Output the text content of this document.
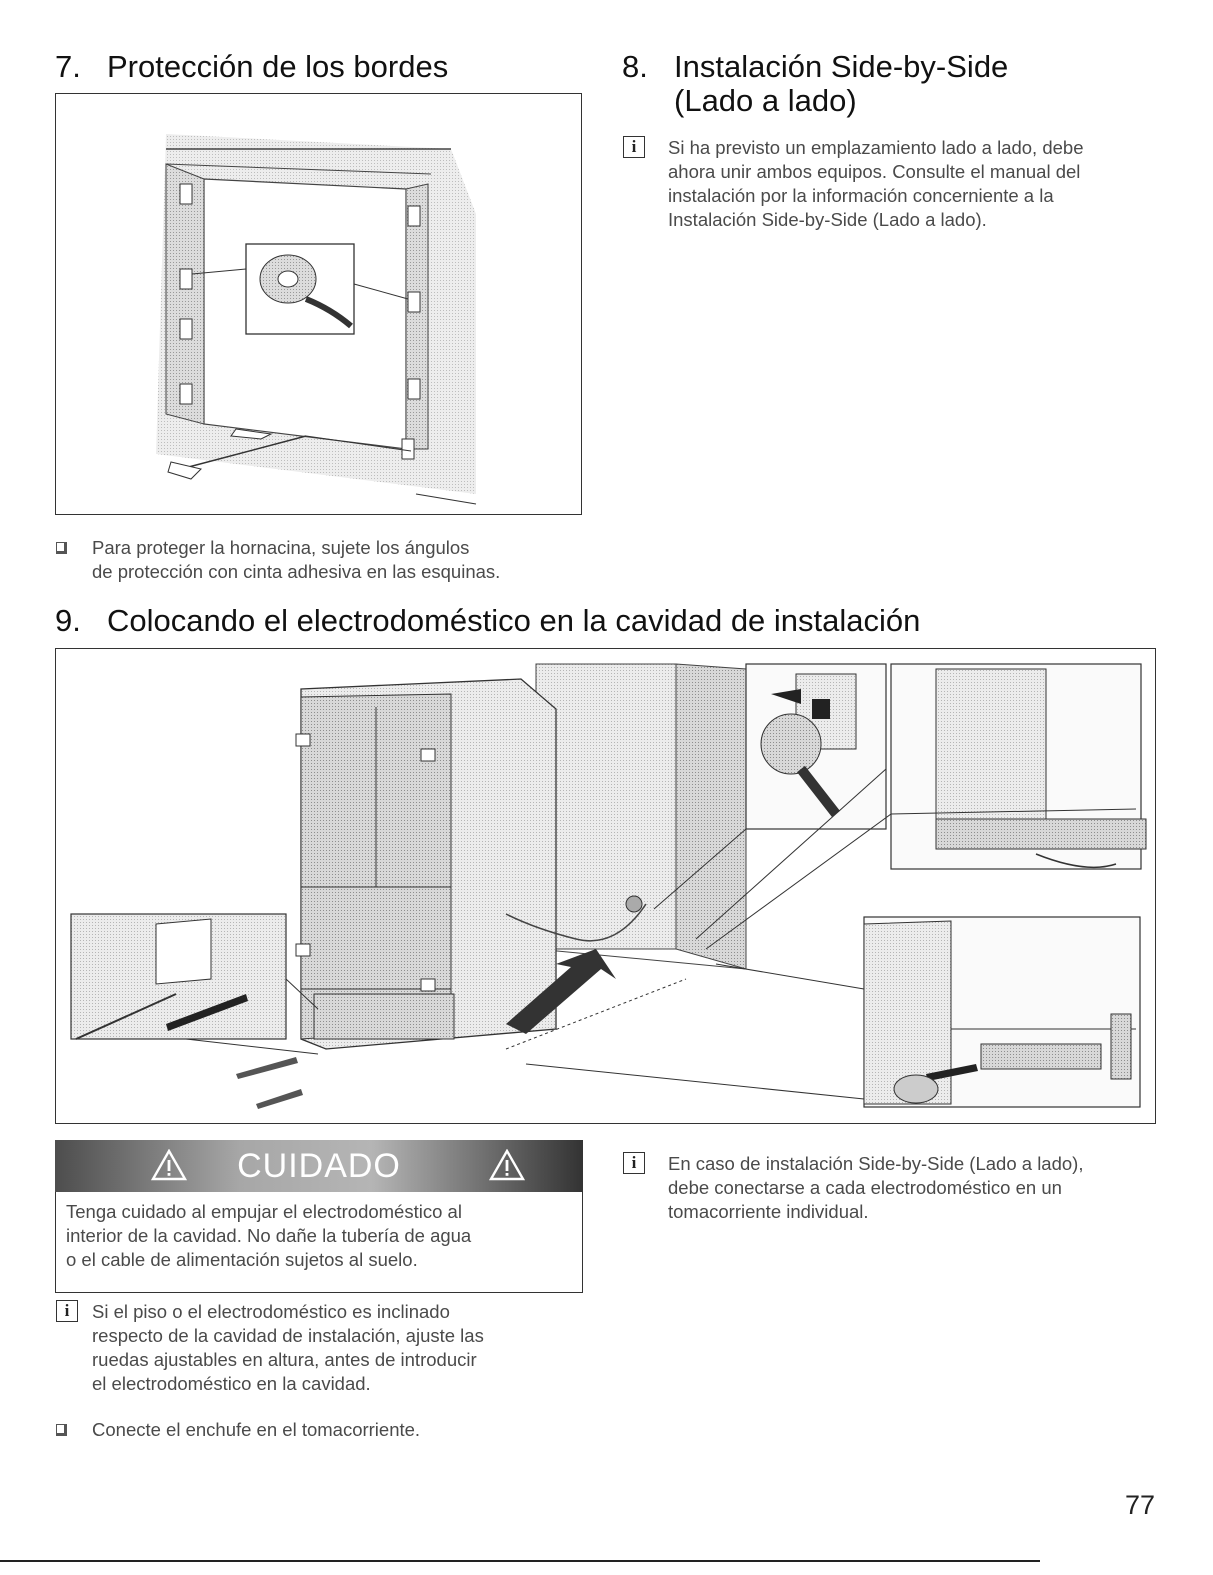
7. Protección de los bordes	8. Instalación Side-by-Side
(Lado a lado)
Para proteger la hornacina, sujete los ángulos
de protección con cinta adhesiva en las esquinas.
i	Si ha previsto un emplazamiento lado a lado, debe
ahora unir ambos equipos. Consulte el manual del
instalación por la información concerniente a la
Instalación Side-by-Side (Lado a lado).
9. Colocando el electrodoméstico en la cavidad de instalación
CUIDADO
Tenga cuidado al empujar el electrodoméstico al
interior de la cavidad. No dañe la tubería de agua
o el cable de alimentación sujetos al suelo.
i	Si el piso o el electrodoméstico es inclinado
respecto de la cavidad de instalación, ajuste las
ruedas ajustables en altura, antes de introducir
el electrodoméstico en la cavidad.
Conecte el enchufe en el tomacorriente.
i	En caso de instalación Side-by-Side (Lado a lado),
debe conectarse a cada electrodoméstico en un
tomacorriente individual.
77
